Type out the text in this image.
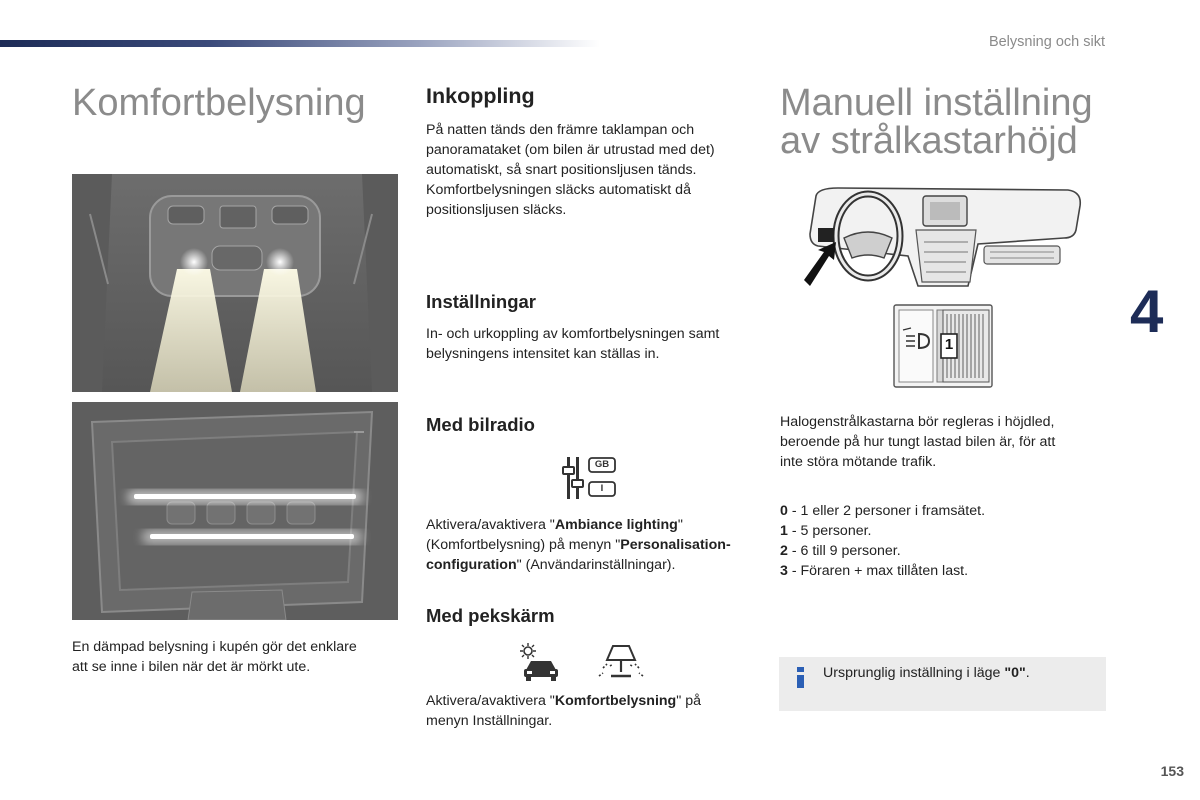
Belysning och sikt
4
153
Komfortbelysning

En dämpad belysning i kupén gör det enklare
att se inne i bilen när det är mörkt ute.

Inkoppling

På natten tänds den främre taklampan och
panoramataket (om bilen är utrustad med det)
automatiskt, så snart positionsljusen tänds.
Komfortbelysningen släcks automatiskt då
positionsljusen släcks.

Inställningar

In- och urkoppling av komfortbelysningen samt
belysningens intensitet kan ställas in.

Med bilradio
GB
I

Aktivera/avaktivera "Ambiance lighting"
(Komfortbelysning) på menyn "Personalisation-
configuration" (Användarinställningar).

Med pekskärm

Aktivera/avaktivera "Komfortbelysning" på
menyn Inställningar.

Manuell inställning
av strålkastarhöjd
1

Halogenstrålkastarna bör regleras i höjdled,
beroende på hur tungt lastad bilen är, för att
inte störa mötande trafik.

0 - 1 eller 2 personer i framsätet.
1 - 5 personer.
2 - 6 till 9 personer.
3 - Föraren + max tillåten last.

Ursprunglig inställning i läge "0".
